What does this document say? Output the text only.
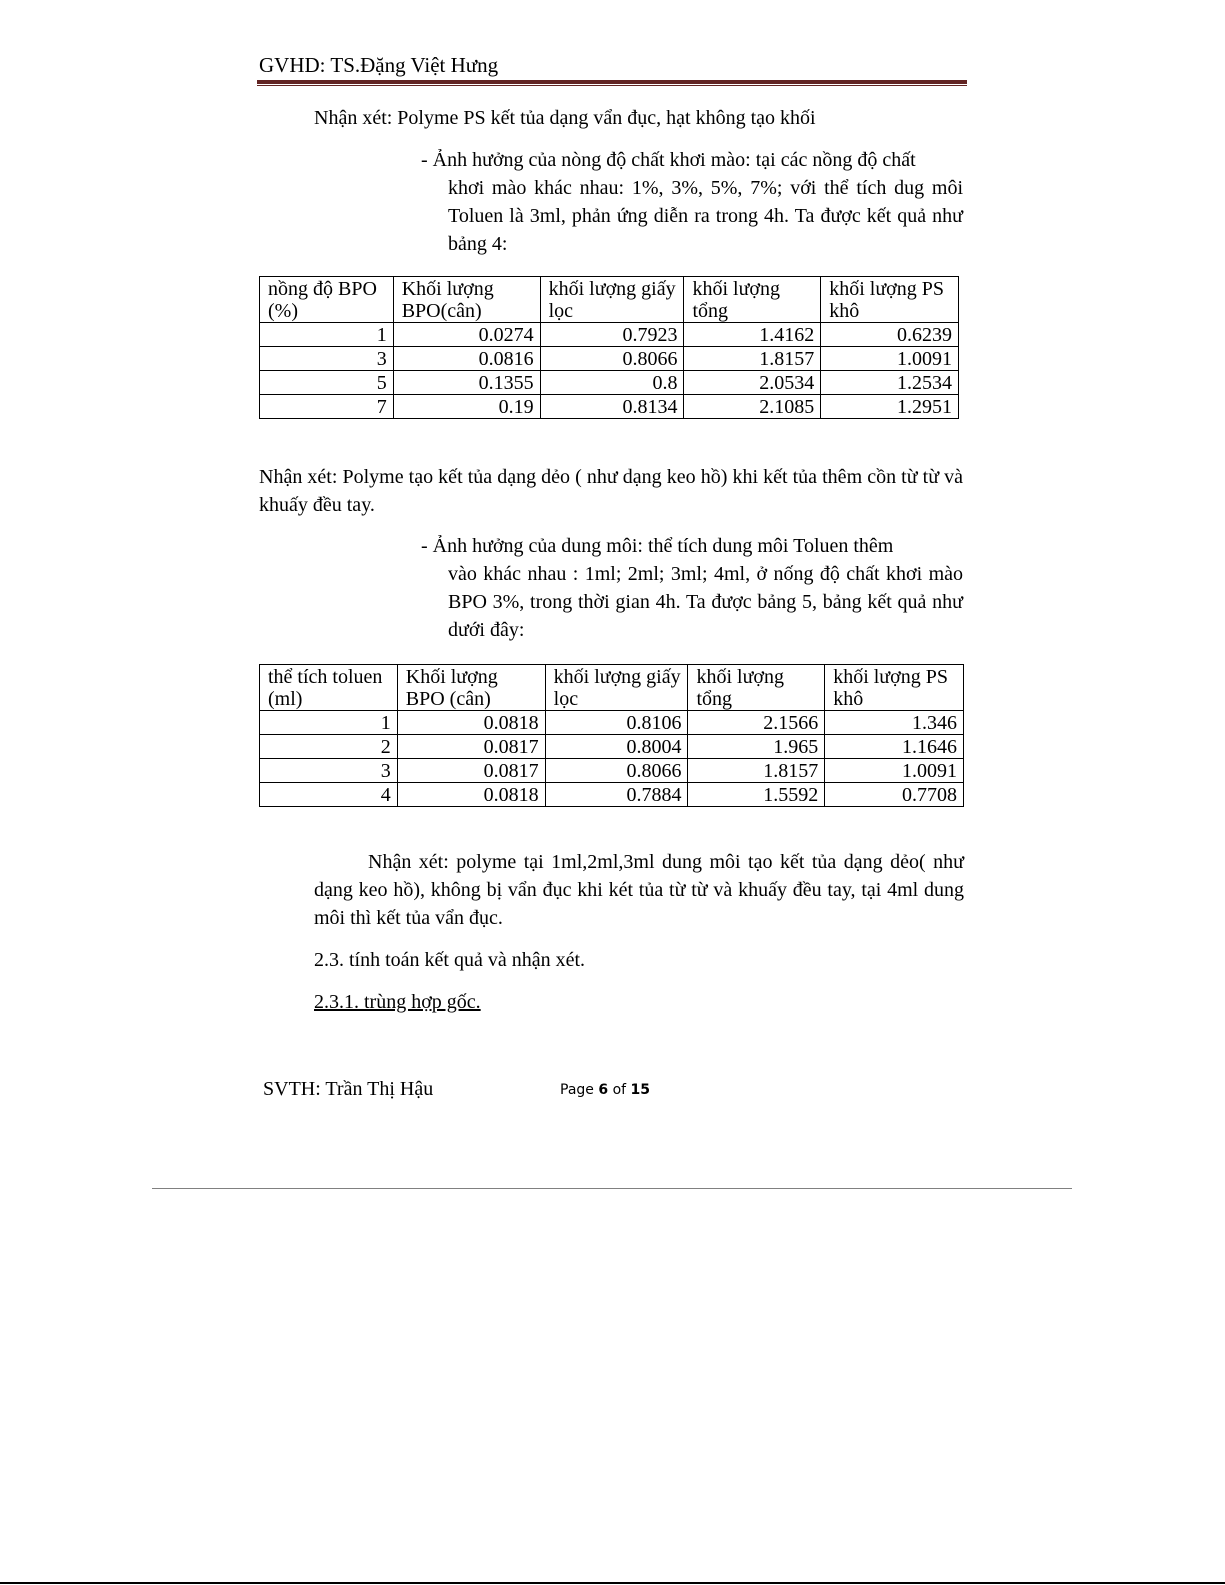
GVHD: TS.Đặng Việt Hưng
Nhận xét: Polyme PS kết tủa dạng vẩn đục, hạt không tạo khối
- Ảnh hưởng của nòng độ chất khơi mào: tại các nồng độ chất
khơi mào khác nhau: 1%, 3%, 5%, 7%; với thể tích dug môi Toluen là 3ml, phản ứng diễn ra trong 4h. Ta được kết quả như bảng 4:
nồng độ BPO (%)	Khối lượng BPO(cân)	khối lượng giấy lọc	khối lượng tổng	khối lượng PS khô
1	0.0274	0.7923	1.4162	0.6239
3	0.0816	0.8066	1.8157	1.0091
5	0.1355	0.8	2.0534	1.2534
7	0.19	0.8134	2.1085	1.2951
Nhận xét: Polyme tạo kết tủa dạng dẻo ( như dạng keo hồ) khi kết tủa thêm cồn từ từ và khuấy đều tay.
- Ảnh hưởng của dung môi: thể tích dung môi Toluen thêm
vào khác nhau : 1ml; 2ml; 3ml; 4ml, ở nống độ chất khơi mào BPO 3%, trong thời gian 4h. Ta được bảng 5, bảng kết quả như dưới đây:
thể tích toluen (ml)	Khối lượng BPO (cân)	khối lượng giấy lọc	khối lượng tổng	khối lượng PS khô
1	0.0818	0.8106	2.1566	1.346
2	0.0817	0.8004	1.965	1.1646
3	0.0817	0.8066	1.8157	1.0091
4	0.0818	0.7884	1.5592	0.7708
Nhận xét: polyme tại 1ml,2ml,3ml dung môi tạo kết tủa dạng dẻo( như dạng keo hồ), không bị vẩn đục khi két tủa từ từ và khuấy đều tay, tại 4ml dung môi thì kết tủa vẩn đục.
2.3. tính toán kết quả và nhận xét.
2.3.1. trùng hợp gốc.
SVTH: Trần Thị Hậu	Page 6 of 15
